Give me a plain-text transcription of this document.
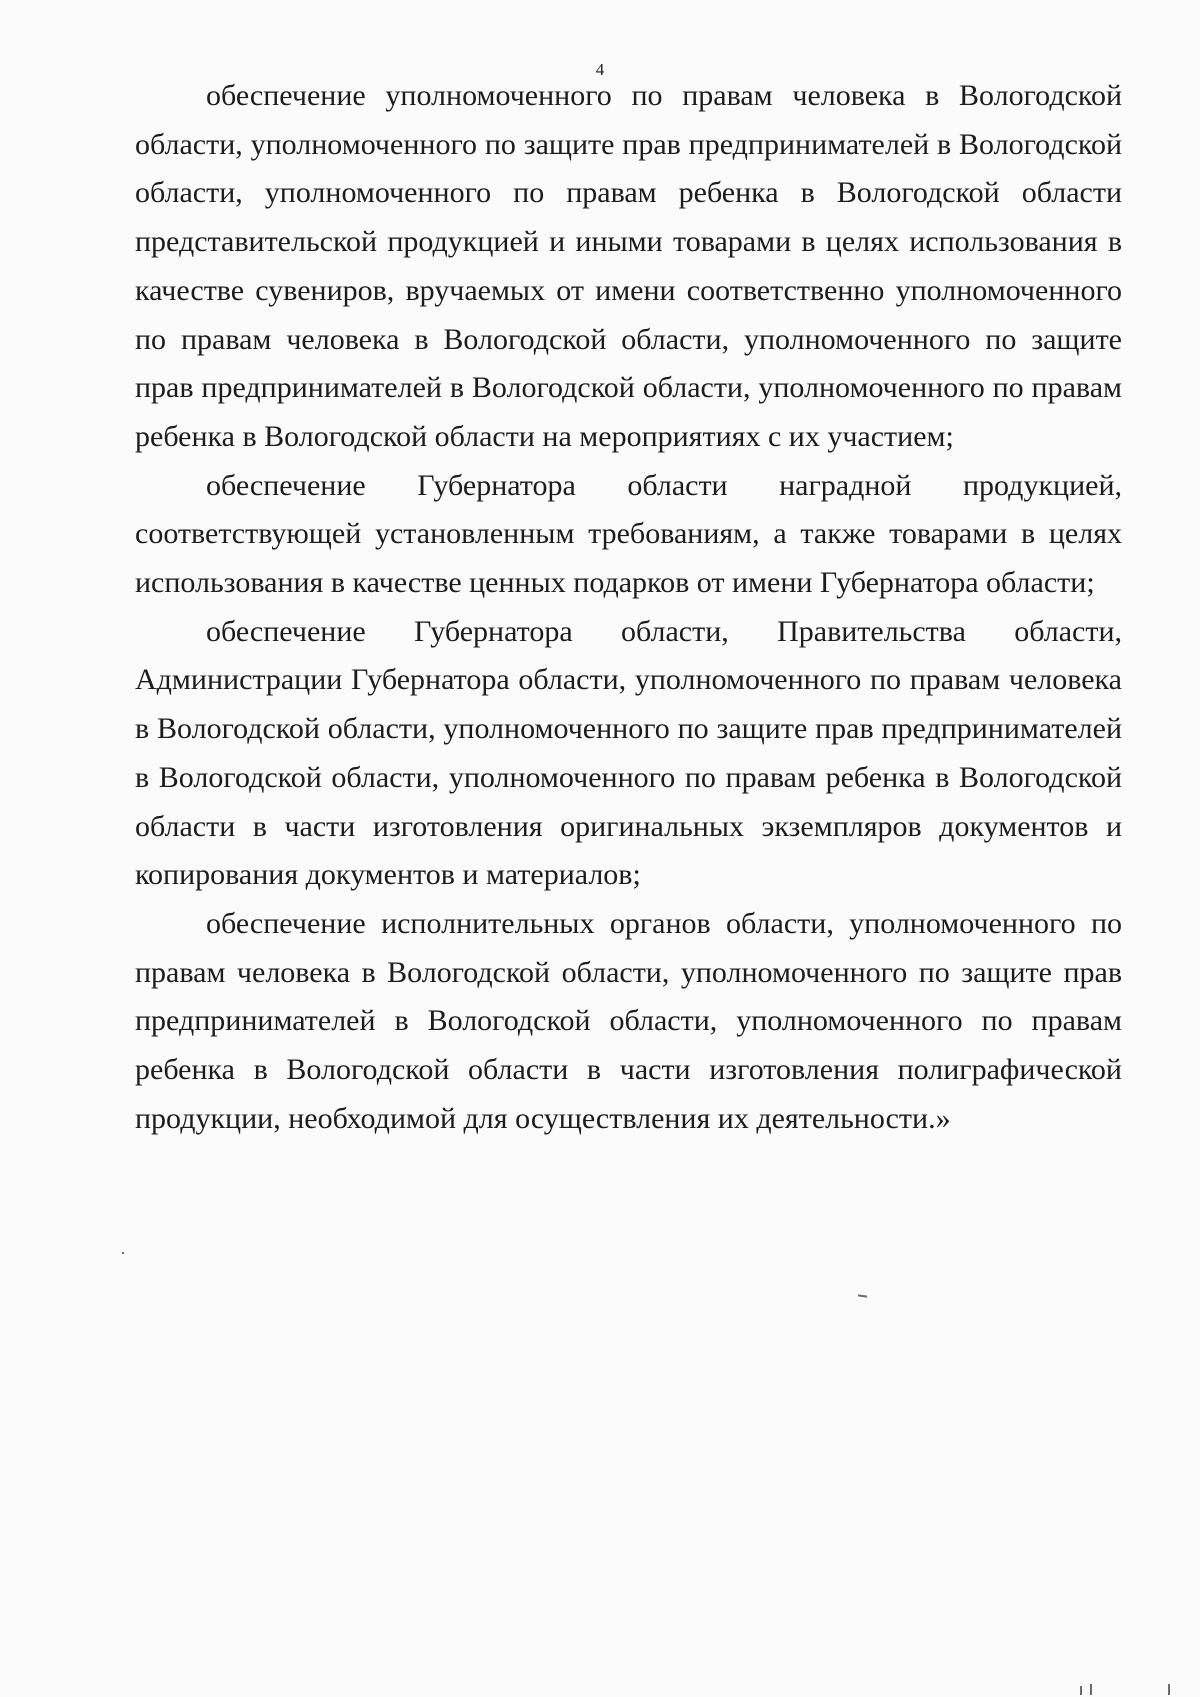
4

обеспечение уполномоченного по правам человека в Вологодской области, уполномоченного по защите прав предпринимателей в Вологодской области, уполномоченного по правам ребенка в Вологодской области представительской продукцией и иными товарами в целях использования в качестве сувениров, вручаемых от имени соответственно уполномоченного по правам человека в Вологодской области, уполномоченного по защите прав предпринимателей в Вологодской области, уполномоченного по правам ребенка в Вологодской области на мероприятиях с их участием;

обеспечение Губернатора области наградной продукцией, соответствующей установленным требованиям, а также товарами в целях использования в качестве ценных подарков от имени Губернатора области;

обеспечение Губернатора области, Правительства области, Администрации Губернатора области, уполномоченного по правам человека в Вологодской области, уполномоченного по защите прав предпринимателей в Вологодской области, уполномоченного по правам ребенка в Вологодской области в части изготовления оригинальных экземпляров документов и копирования документов и материалов;

обеспечение исполнительных органов области, уполномоченного по правам человека в Вологодской области, уполномоченного по защите прав предпринимателей в Вологодской области, уполномоченного по правам ребенка в Вологодской области в части изготовления полиграфической продукции, необходимой для осуществления их деятельности.»
